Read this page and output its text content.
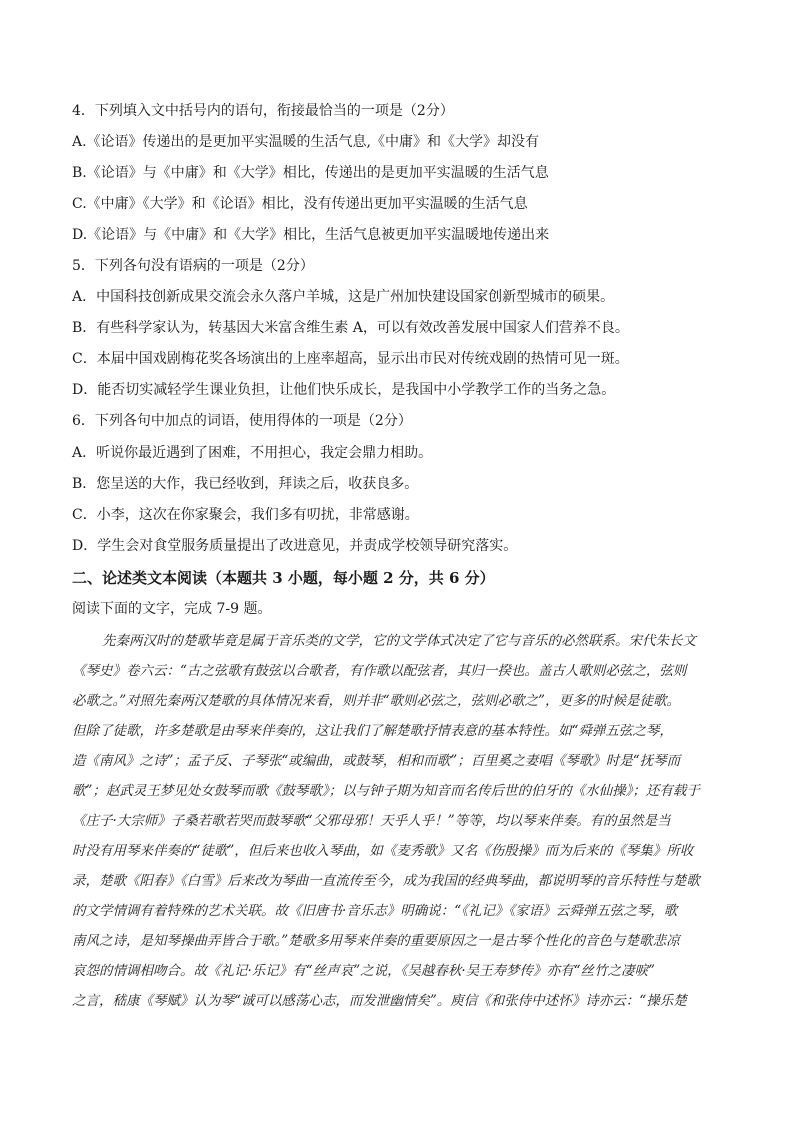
4．下列填入文中括号内的语句，衔接最恰当的一项是（2分）
A.《论语》传递出的是更加平实温暖的生活气息,《中庸》和《大学》却没有
B.《论语》与《中庸》和《大学》相比，传递出的是更加平实温暖的生活气息
C.《中庸》《大学》和《论语》相比，没有传递出更加平实温暖的生活气息
D.《论语》与《中庸》和《大学》相比，生活气息被更加平实温暖地传递出来
5．下列各句没有语病的一项是（2分）
A．中国科技创新成果交流会永久落户羊城，这是广州加快建设国家创新型城市的硕果。
B．有些科学家认为，转基因大米富含维生素 A，可以有效改善发展中国家人们营养不良。
C．本届中国戏剧梅花奖各场演出的上座率超高，显示出市民对传统戏剧的热情可见一斑。
D．能否切实减轻学生课业负担，让他们快乐成长，是我国中小学教学工作的当务之急。
6．下列各句中加点的词语，使用得体的一项是（2分）
A．听说你最近遇到了困难，不用担心，我定会鼎力相助。
B．您呈送的大作，我已经收到，拜读之后，收获良多。
C．小李，这次在你家聚会，我们多有叨扰，非常感谢。
D．学生会对食堂服务质量提出了改进意见，并责成学校领导研究落实。
二、论述类文本阅读（本题共 3 小题，每小题 2 分，共 6 分）
阅读下面的文字，完成 7-9 题。

先秦两汉时的楚歌毕竟是属于音乐类的文学，它的文学体式决定了它与音乐的必然联系。宋代朱长文

《琴史》卷六云：“古之弦歌有鼓弦以合歌者，有作歌以配弦者，其归一揆也。盖古人歌则必弦之，弦则

必歌之。”对照先秦两汉楚歌的具体情况来看，则并非“歌则必弦之，弦则必歌之”，更多的时候是徒歌。

但除了徒歌，许多楚歌是由琴来伴奏的，这让我们了解楚歌抒情表意的基本特性。如“舜弹五弦之琴，

造《南风》之诗”；孟子反、子琴张“或编曲，或鼓琴，相和而歌”；百里奚之妻唱《琴歌》时是“抚琴而

歌”；赵武灵王梦见处女鼓琴而歌《鼓琴歌》；以与钟子期为知音而名传后世的伯牙的《水仙操》；还有载于

《庄子·大宗师》子桑若歌若哭而鼓琴歌“父邪母邪！天乎人乎！”等等，均以琴来伴奏。有的虽然是当

时没有用琴来伴奏的“徒歌”，但后来也收入琴曲，如《麦秀歌》又名《伤殷操》而为后来的《琴集》所收

录，楚歌《阳春》《白雪》后来改为琴曲一直流传至今，成为我国的经典琴曲，都说明琴的音乐特性与楚歌

的文学情调有着特殊的艺术关联。故《旧唐书·音乐志》明确说：“《礼记》《家语》云舜弹五弦之琴，歌

南风之诗，是知琴操曲弄皆合于歌。”楚歌多用琴来伴奏的重要原因之一是古琴个性化的音色与楚歌悲凉

哀怨的情调相吻合。故《礼记·乐记》有“丝声哀”之说，《吴越春秋·吴王寿梦传》亦有“丝竹之凄唳”

之言，嵇康《琴赋》认为琴“诚可以感荡心志，而发泄幽情矣”。庾信《和张侍中述怀》诗亦云：“操乐楚
